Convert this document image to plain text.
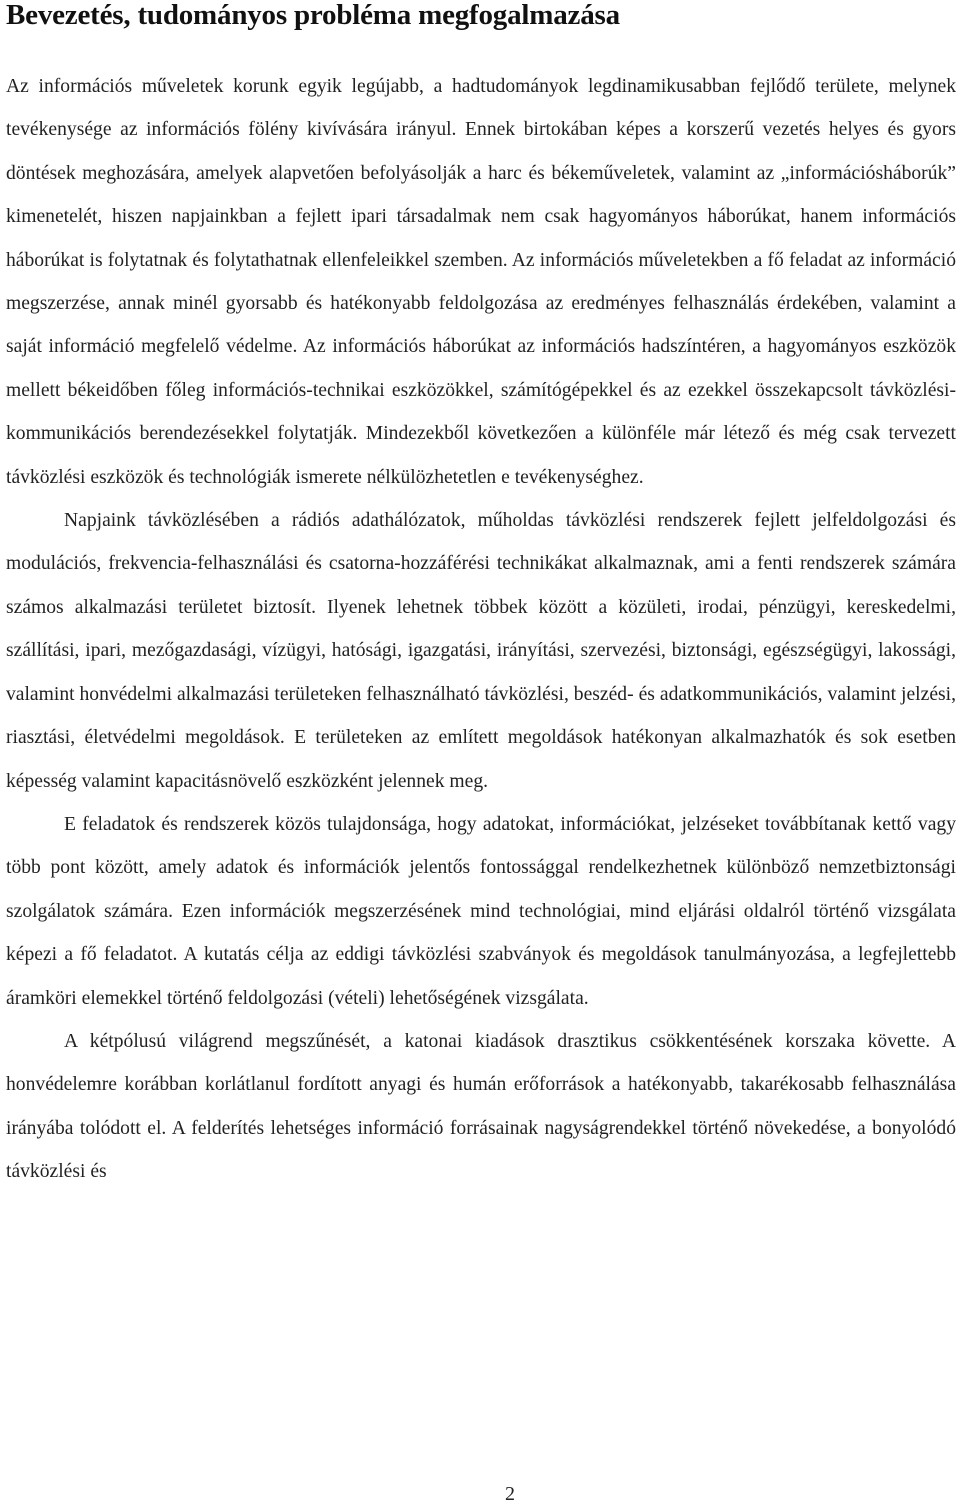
Bevezetés, tudományos probléma megfogalmazása

Az információs műveletek korunk egyik legújabb, a hadtudományok legdinamikusabban fejlődő területe, melynek tevékenysége az információs fölény kivívására irányul. Ennek birtokában képes a korszerű vezetés helyes és gyors döntések meghozására, amelyek alapvetően befolyásolják a harc és békeműveletek, valamint az „információsháborúk” kimenetelét, hiszen napjainkban a fejlett ipari társadalmak nem csak hagyományos háborúkat, hanem információs háborúkat is folytatnak és folytathatnak ellenfeleikkel szemben. Az információs műveletekben a fő feladat az információ megszerzése, annak minél gyorsabb és hatékonyabb feldolgozása az eredményes felhasználás érdekében, valamint a saját információ megfelelő védelme. Az információs háborúkat az információs hadszíntéren, a hagyományos eszközök mellett békeidőben főleg információs-technikai eszközökkel, számítógépekkel és az ezekkel összekapcsolt távközlési-kommunikációs berendezésekkel folytatják. Mindezekből következően a különféle már létező és még csak tervezett távközlési eszközök és technológiák ismerete nélkülözhetetlen e tevékenységhez.

Napjaink távközlésében a rádiós adathálózatok, műholdas távközlési rendszerek fejlett jelfeldolgozási és modulációs, frekvencia-felhasználási és csatorna-hozzáférési technikákat alkalmaznak, ami a fenti rendszerek számára számos alkalmazási területet biztosít. Ilyenek lehetnek többek között a közületi, irodai, pénzügyi, kereskedelmi, szállítási, ipari, mezőgazdasági, vízügyi, hatósági, igazgatási, irányítási, szervezési, biztonsági, egészségügyi, lakossági, valamint honvédelmi alkalmazási területeken felhasználható távközlési, beszéd- és adatkommunikációs, valamint jelzési, riasztási, életvédelmi megoldások. E területeken az említett megoldások hatékonyan alkalmazhatók és sok esetben képesség valamint kapacitásnövelő eszközként jelennek meg.

E feladatok és rendszerek közös tulajdonsága, hogy adatokat, információkat, jelzéseket továbbítanak kettő vagy több pont között, amely adatok és információk jelentős fontossággal rendelkezhetnek különböző nemzetbiztonsági szolgálatok számára. Ezen információk megszerzésének mind technológiai, mind eljárási oldalról történő vizsgálata képezi a fő feladatot. A kutatás célja az eddigi távközlési szabványok és megoldások tanulmányozása, a legfejlettebb áramköri elemekkel történő feldolgozási (vételi) lehetőségének vizsgálata.

A kétpólusú világrend megszűnését, a katonai kiadások drasztikus csökkentésének korszaka követte. A honvédelemre korábban korlátlanul fordított anyagi és humán erőforrások a hatékonyabb, takarékosabb felhasználása irányába tolódott el. A felderítés lehetséges információ forrásainak nagyságrendekkel történő növekedése, a bonyolódó távközlési és

2
